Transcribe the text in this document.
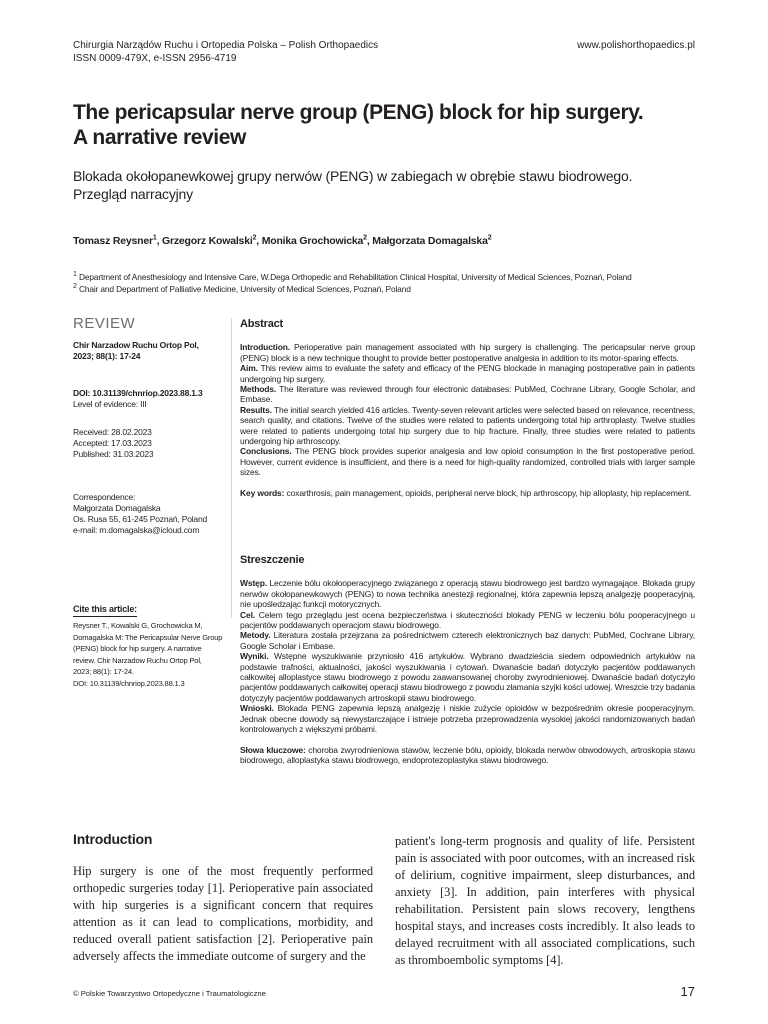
Chirurgia Narządów Ruchu i Ortopedia Polska – Polish Orthopaedics
ISSN 0009-479X, e-ISSN 2956-4719
www.polishorthopaedics.pl
The pericapsular nerve group (PENG) block for hip surgery.
A narrative review
Blokada okołopanewkowej grupy nerwów (PENG) w zabiegach w obrębie stawu biodrowego.
Przegląd narracyjny
Tomasz Reysner$^1$, Grzegorz Kowalski$^2$, Monika Grochowicka$^2$, Małgorzata Domagalska$^2$
$^1$ Department of Anesthesiology and Intensive Care, W.Dega Orthopedic and Rehabilitation Clinical Hospital, University of Medical Sciences, Poznań, Poland
$^2$ Chair and Department of Palliative Medicine, University of Medical Sciences, Poznań, Poland

REVIEW

Chir Narzadow Ruchu Ortop Pol,

2023; 88(1): 17-24

DOI: 10.31139/chnriop.2023.88.1.3

Level of evidence: III

Received: 28.02.2023

Accepted: 17.03.2023

Published: 31.03.2023

Correspondence:

Małgorzata Domagalska

Os. Rusa 55, 61-245 Poznań, Poland

e-mail: m.domagalska@icloud.com

Cite this article:
Reysner T., Kowalski G, Grochowicka M,
Domagalska M: The Pericapsular Nerve Group
(PENG) block for hip surgery. A narrative
review. Chir Narzadow Ruchu Ortop Pol,
2023; 88(1): 17-24.
DOI: 10.31139/chnriop.2023.88.1.3
Abstract

Introduction. Perioperative pain management associated with hip surgery is challenging. The pericapsular nerve group (PENG) block is a new technique thought to provide better postoperative analgesia in addition to its motor-sparing effects.

Aim. This review aims to evaluate the safety and efficacy of the PENG blockade in managing postoperative pain in patients undergoing hip surgery.

Methods. The literature was reviewed through four electronic databases: PubMed, Cochrane Library, Google Scholar, and Embase.

Results. The initial search yielded 416 articles. Twenty-seven relevant articles were selected based on relevance, recentness, search quality, and citations. Twelve of the studies were related to patients undergoing total hip arthroplasty. Twelve studies were related to patients undergoing total hip surgery due to hip fracture. Finally, three studies were related to patients undergoing hip arthroscopy.

Conclusions. The PENG block provides superior analgesia and low opioid consumption in the first postoperative period. However, current evidence is insufficient, and there is a need for high-quality randomized, controlled trials with larger sample sizes.

Key words: coxarthrosis, pain management, opioids, peripheral nerve block, hip arthroscopy, hip alloplasty, hip replacement.

Streszczenie

Wstęp. Leczenie bólu okołooperacyjnego związanego z operacją stawu biodrowego jest bardzo wymagające. Blokada grupy nerwów okołopanewkowych (PENG) to nowa technika anestezji regionalnej, która zapewnia lepszą analgezję pooperacyjną, nie upośledzając funkcji motorycznych.

Cel. Celem tego przeglądu jest ocena bezpieczeństwa i skuteczności blokady PENG w leczeniu bólu pooperacyjnego u pacjentów poddawanych operacjom stawu biodrowego.

Metody. Literatura została przejrzana za pośrednictwem czterech elektronicznych baz danych: PubMed, Cochrane Library, Google Scholar i Embase.

Wyniki. Wstępne wyszukiwanie przyniosło 416 artykułów. Wybrano dwadzieścia siedem odpowiednich artykułów na podstawie trafności, aktualności, jakości wyszukiwania i cytowań. Dwanaście badań dotyczyło pacjentów poddawanych całkowitej alloplastyce stawu biodrowego z powodu zaawansowanej choroby zwyrodnieniowej. Dwanaście badań dotyczyło pacjentów poddawanych całkowitej operacji stawu biodrowego z powodu złamania szyjki kości udowej. Wreszcie trzy badania dotyczyły pacjentów poddawanych artroskopii stawu biodrowego.

Wnioski. Blokada PENG zapewnia lepszą analgezję i niskie zużycie opioidów w bezpośrednim okresie pooperacyjnym. Jednak obecne dowody są niewystarczające i istnieje potrzeba przeprowadzenia wysokiej jakości randomizowanych badań kontrolowanych z większymi próbami.

Słowa kluczowe: choroba zwyrodnieniowa stawów, leczenie bólu, opioidy, blokada nerwów obwodowych, artroskopia stawu biodrowego, alloplastyka stawu biodrowego, endoprotezoplastyka stawu biodrowego.

Introduction

Hip surgery is one of the most frequently performed orthopedic surgeries today [1]. Perioperative pain associated with hip surgeries is a significant concern that requires attention as it can lead to complications, morbidity, and reduced overall patient satisfaction [2]. Perioperative pain adversely affects the immediate outcome of surgery and the

patient's long-term prognosis and quality of life. Persistent pain is associated with poor outcomes, with an increased risk of delirium, cognitive impairment, sleep disturbances, and anxiety [3]. In addition, pain interferes with physical rehabilitation. Persistent pain slows recovery, lengthens hospital stays, and increases costs incredibly. It also leads to delayed recruitment with all associated complications, such as thromboembolic symptoms [4].

© Polskie Towarzystwo Ortopedyczne i Traumatologiczne	17
